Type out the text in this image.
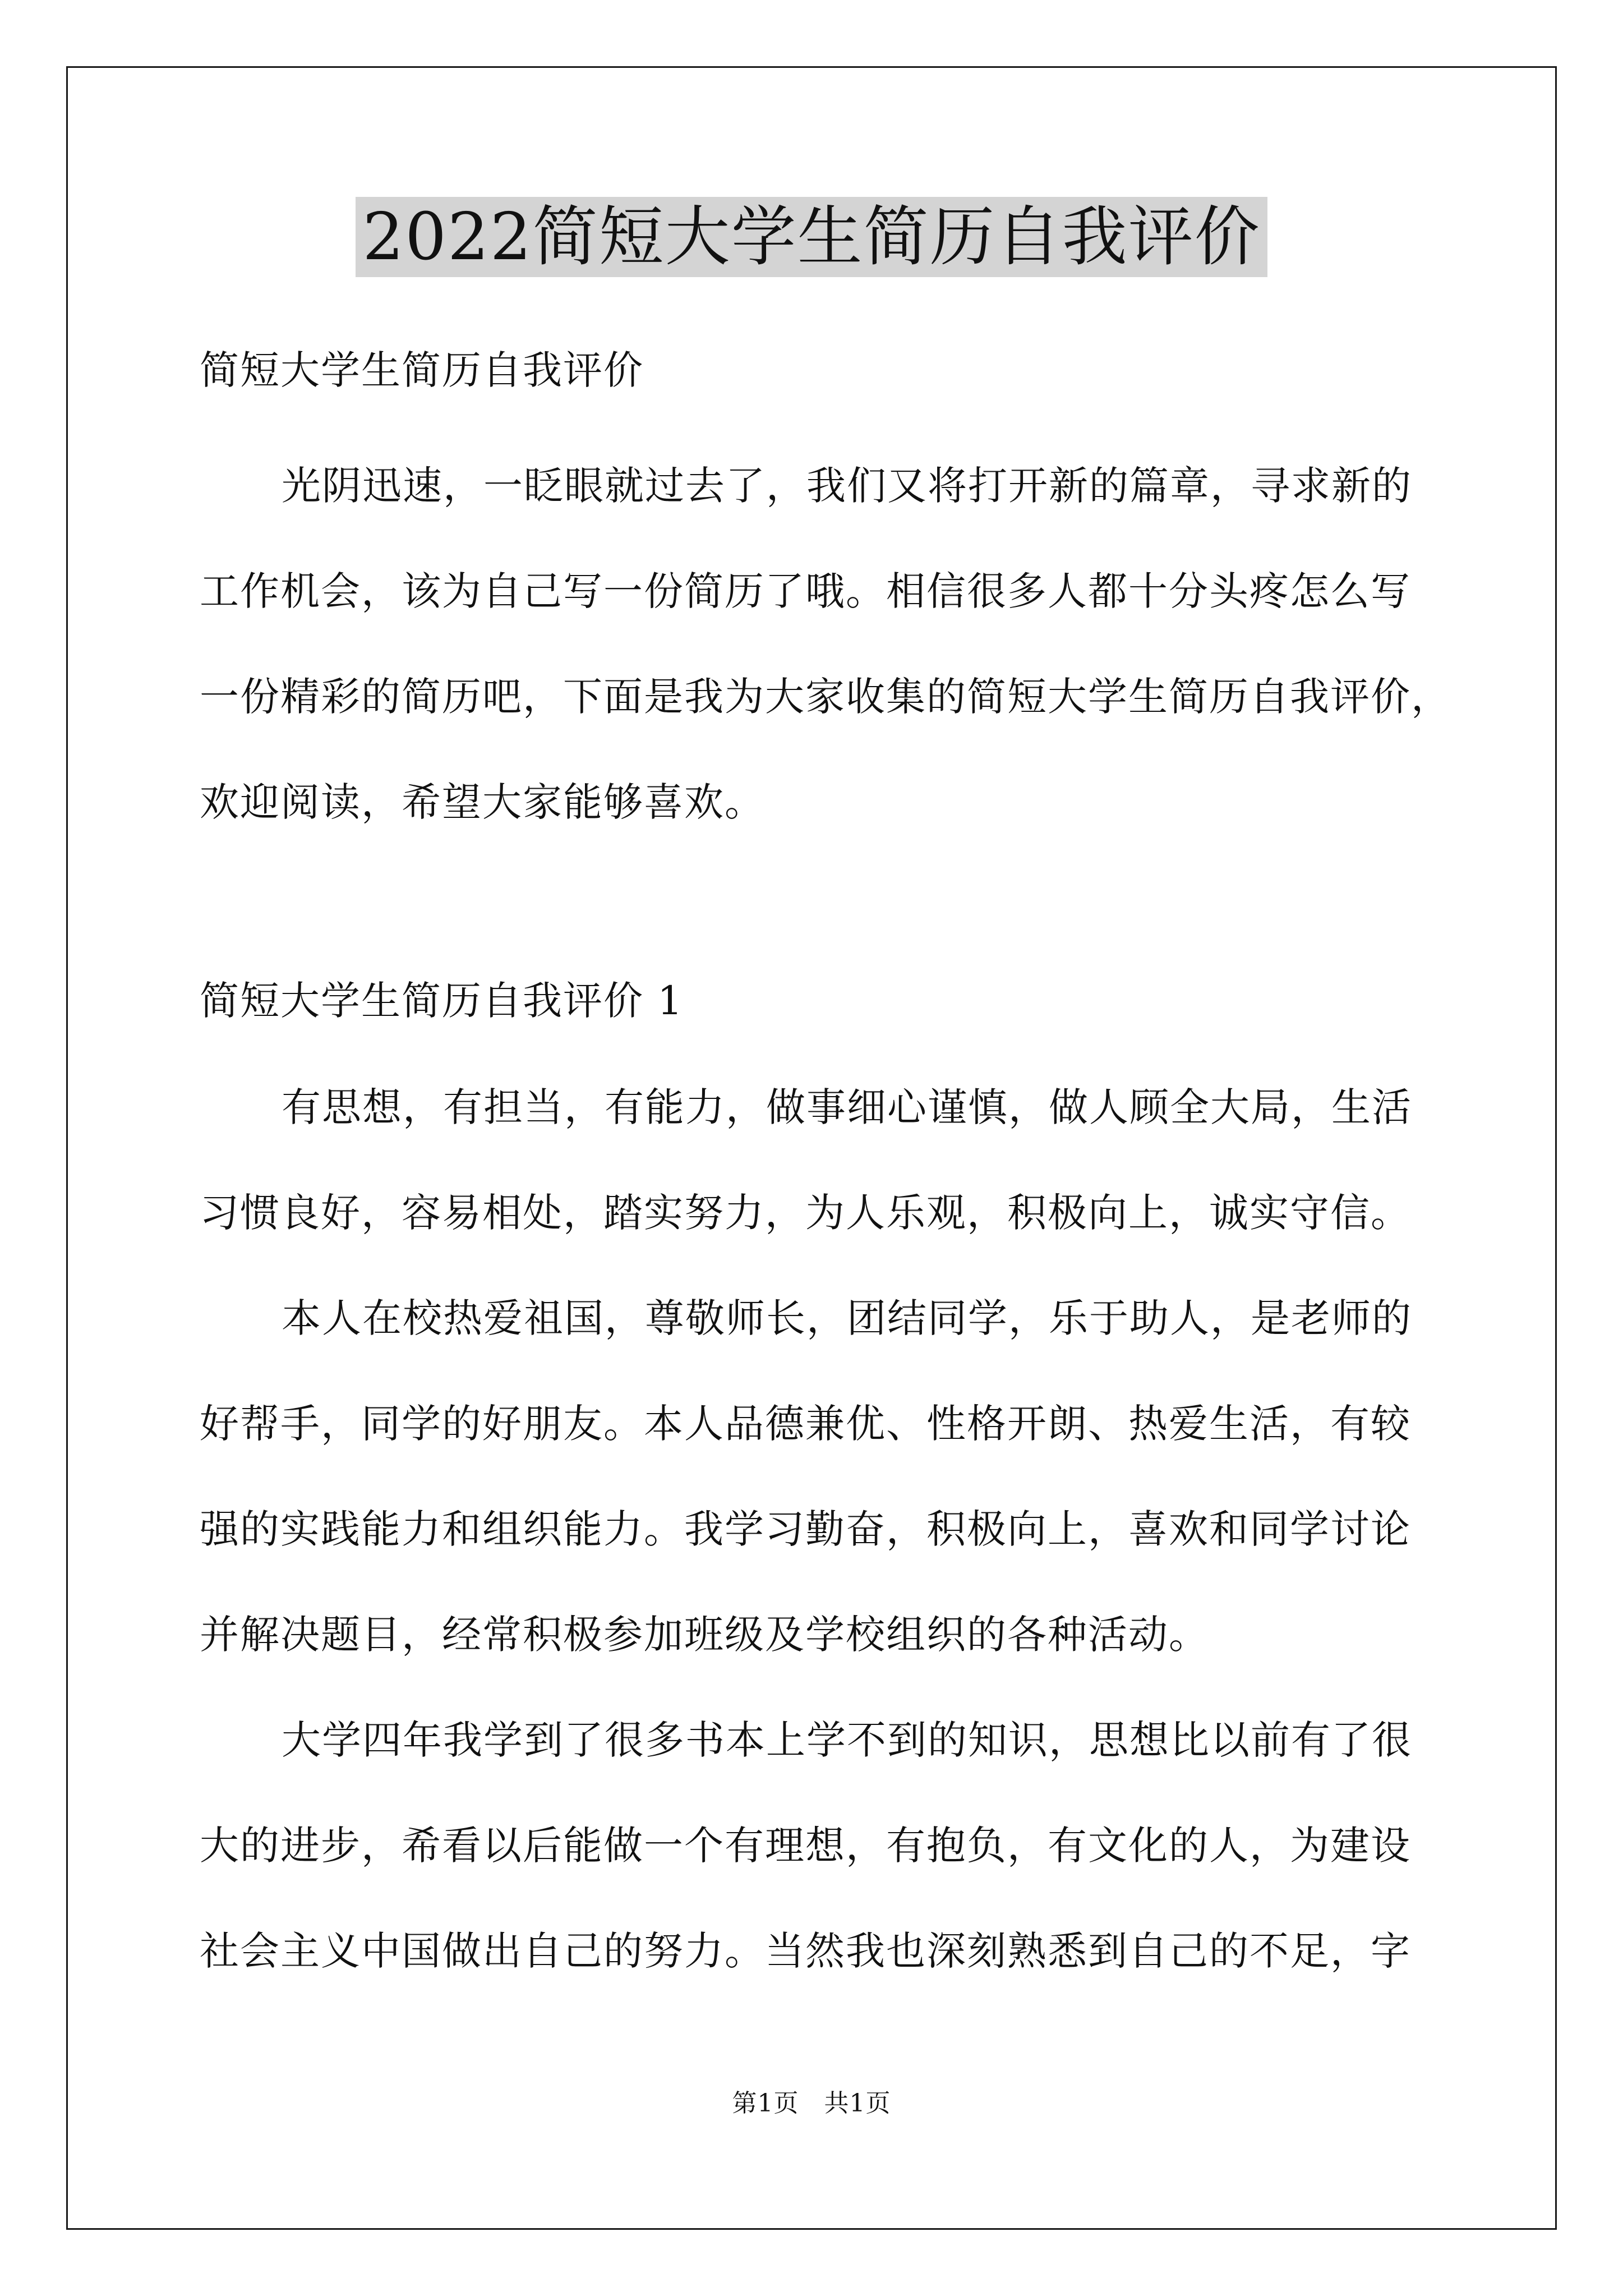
2022简短大学生简历自我评价

简短大学生简历自我评价

光阴迅速，一眨眼就过去了，我们又将打开新的篇章，寻求新的

工作机会，该为自己写一份简历了哦。相信很多人都十分头疼怎么写

一份精彩的简历吧，下面是我为大家收集的简短大学生简历自我评价，

欢迎阅读，希望大家能够喜欢。

简短大学生简历自我评价 1

有思想，有担当，有能力，做事细心谨慎，做人顾全大局，生活

习惯良好，容易相处，踏实努力，为人乐观，积极向上，诚实守信。

本人在校热爱祖国，尊敬师长，团结同学，乐于助人，是老师的

好帮手，同学的好朋友。本人品德兼优、性格开朗、热爱生活，有较

强的实践能力和组织能力。我学习勤奋，积极向上，喜欢和同学讨论

并解决题目，经常积极参加班级及学校组织的各种活动。

大学四年我学到了很多书本上学不到的知识，思想比以前有了很

大的进步，希看以后能做一个有理想，有抱负，有文化的人，为建设

社会主义中国做出自己的努力。当然我也深刻熟悉到自己的不足，字

第1页　共1页
